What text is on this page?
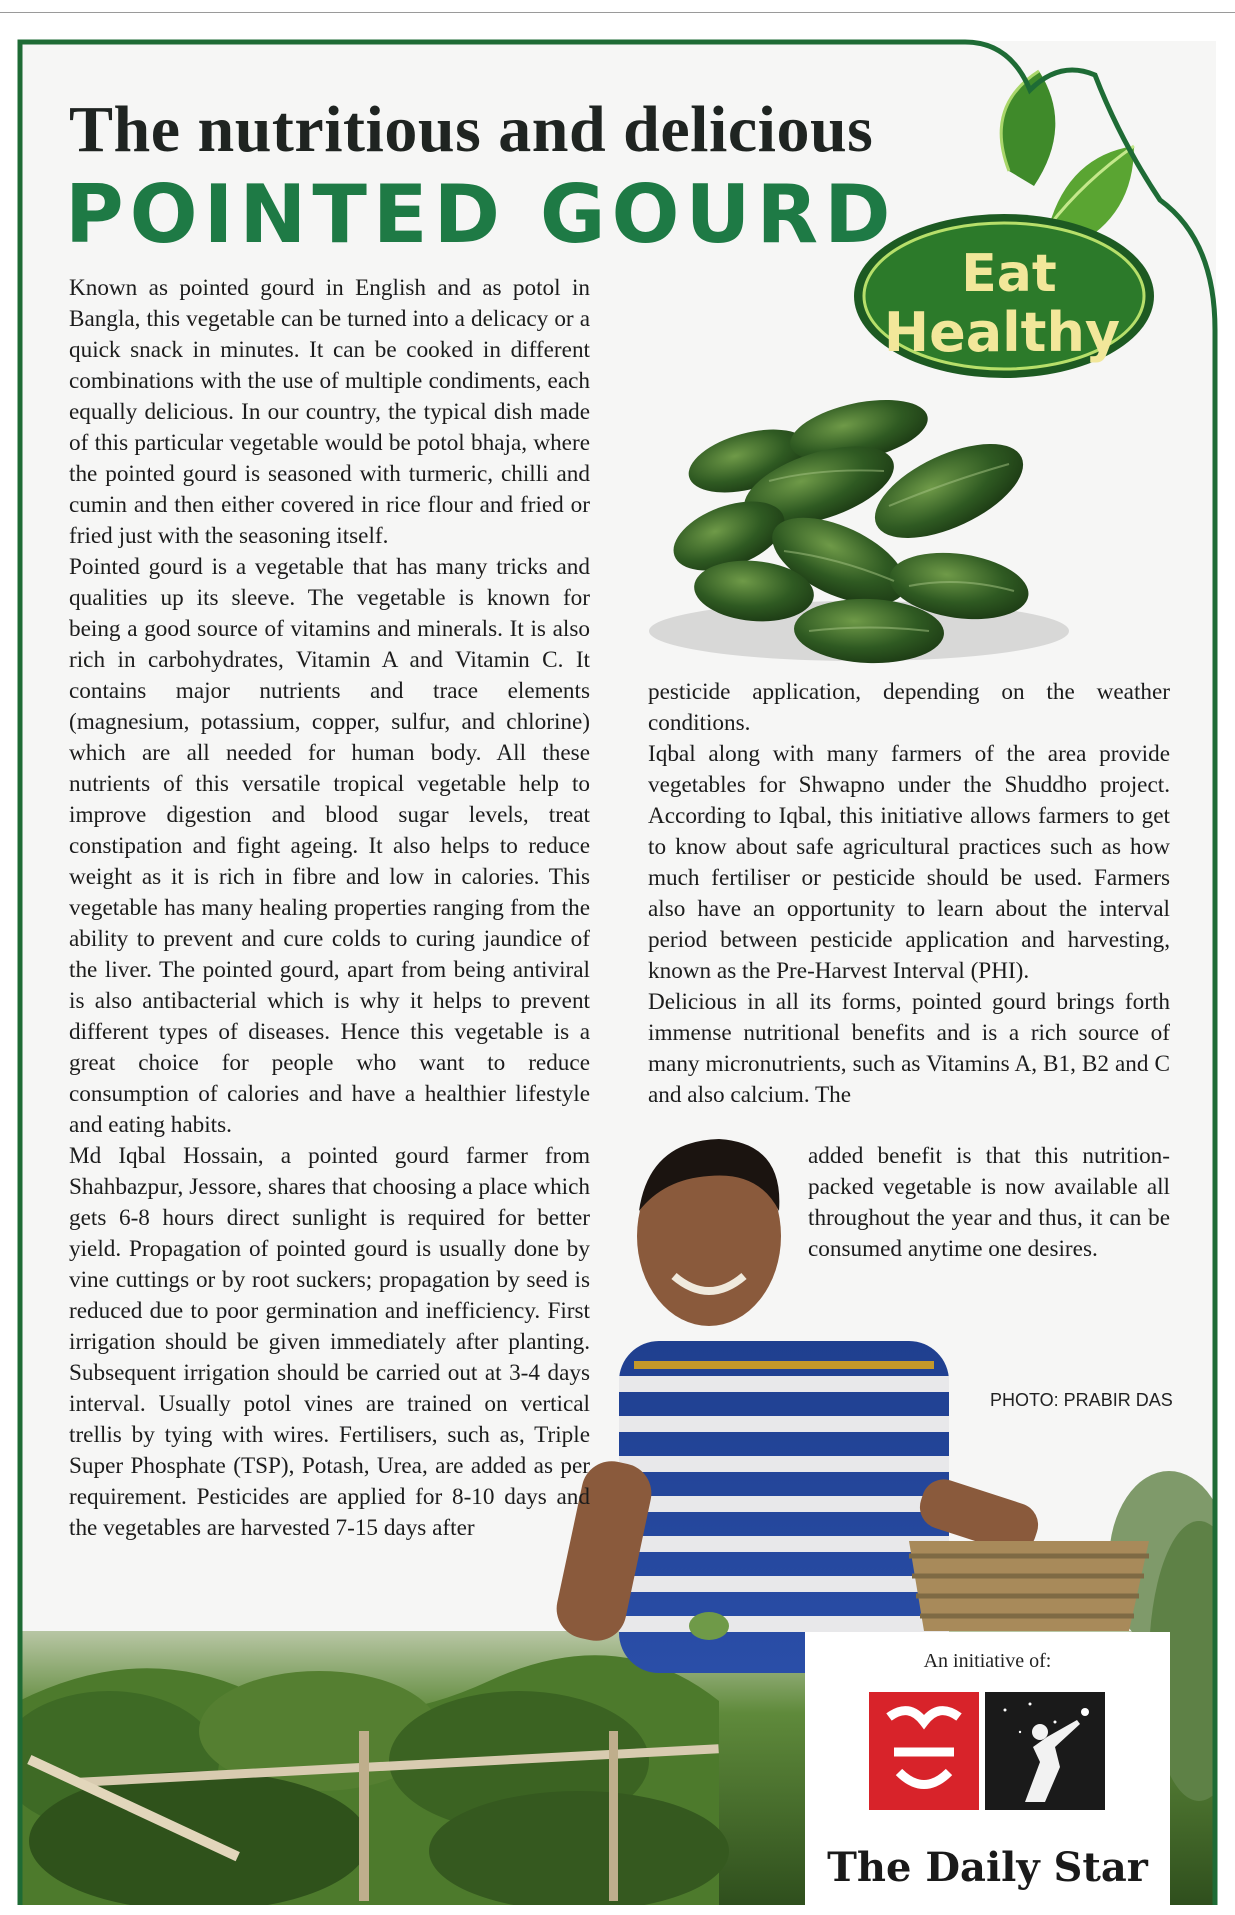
Eat
Healthy
An initiative of:
The Daily Star
The nutritious and delicious
POINTED GOURD

Known as pointed gourd in English and as potol in Bangla, this vegetable can be turned into a delicacy or a quick snack in minutes. It can be cooked in different combinations with the use of multiple condiments, each equally delicious. In our country, the typical dish made of this particular vegetable would be potol bhaja, where the pointed gourd is seasoned with turmeric, chilli and cumin and then either covered in rice flour and fried or fried just with the seasoning itself.

Pointed gourd is a vegetable that has many tricks and qualities up its sleeve. The vegetable is known for being a good source of vitamins and minerals. It is also rich in carbohydrates, Vitamin A and Vitamin C. It contains major nutrients and trace elements (magnesium, potassium, copper, sulfur, and chlorine) which are all needed for human body. All these nutrients of this versatile tropical vegetable help to improve digestion and blood sugar levels, treat constipation and fight ageing. It also helps to reduce weight as it is rich in fibre and low in calories. This vegetable has many healing properties ranging from the ability to prevent and cure colds to curing jaundice of the liver. The pointed gourd, apart from being antiviral is also antibacterial which is why it helps to prevent different types of diseases. Hence this vegetable is a great choice for people who want to reduce consumption of calories and have a healthier lifestyle and eating habits.

Md Iqbal Hossain, a pointed gourd farmer from Shahbazpur, Jessore, shares that choosing a place which gets 6-8 hours direct sunlight is required for better yield. Propagation of pointed gourd is usually done by vine cuttings or by root suckers; propagation by seed is reduced due to poor germination and inefficiency. First irrigation should be given immediately after planting. Subsequent irrigation should be carried out at 3-4 days interval. Usually potol vines are trained on vertical trellis by tying with wires. Fertilisers, such as, Triple Super Phosphate (TSP), Potash, Urea, are added as per requirement. Pesticides are applied for 8-10 days and the vegetables are harvested 7-15 days after

pesticide application, depending on the weather conditions.

Iqbal along with many farmers of the area provide vegetables for Shwapno under the Shuddho project. According to Iqbal, this initiative allows farmers to get to know about safe agricultural practices such as how much fertiliser or pesticide should be used. Farmers also have an opportunity to learn about the interval period between pesticide application and harvesting, known as the Pre-Harvest Interval (PHI).

Delicious in all its forms, pointed gourd brings forth immense nutritional benefits and is a rich source of many micronutrients, such as Vitamins A, B1, B2 and C and also calcium. The

added benefit is that this nutrition-packed vegetable is now available all throughout the year and thus, it can be consumed anytime one desires.

PHOTO: PRABIR DAS
